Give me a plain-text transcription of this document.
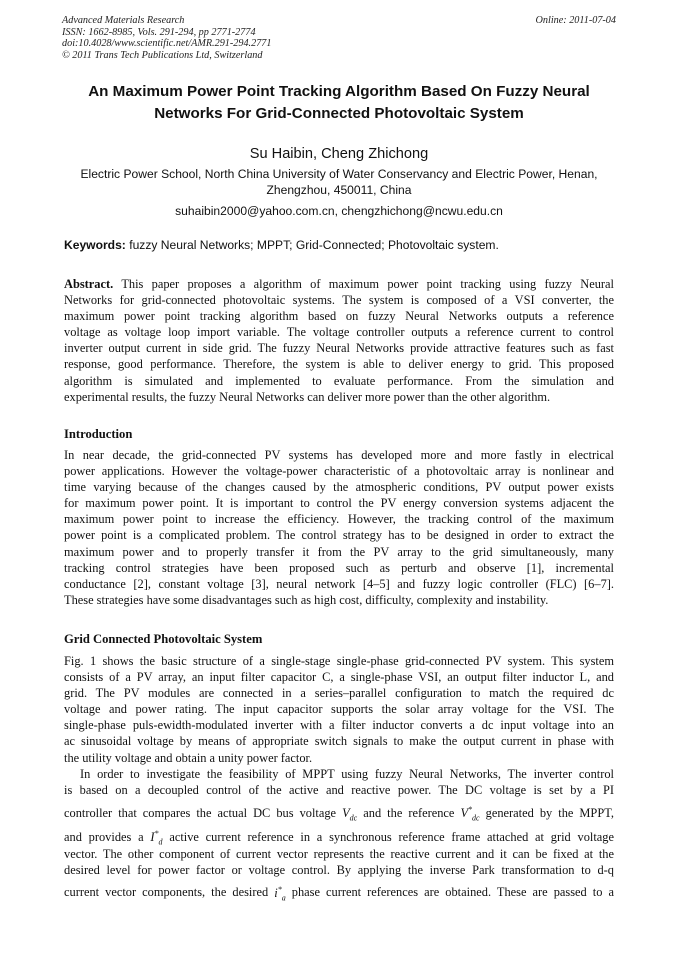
Advanced Materials Research
ISSN: 1662-8985, Vols. 291-294, pp 2771-2774
doi:10.4028/www.scientific.net/AMR.291-294.2771
© 2011 Trans Tech Publications Ltd, Switzerland
Online: 2011-07-04
An Maximum Power Point Tracking Algorithm Based On Fuzzy Neural
Networks For Grid-Connected Photovoltaic System
Su Haibin, Cheng Zhichong
Electric Power School, North China University of Water Conservancy and Electric Power, Henan,
Zhengzhou, 450011, China
suhaibin2000@yahoo.com.cn, chengzhichong@ncwu.edu.cn
Keywords: fuzzy Neural Networks; MPPT; Grid-Connected; Photovoltaic system.
Abstract. This paper proposes a algorithm of maximum power point tracking using fuzzy Neural
Networks for grid-connected photovoltaic systems. The system is composed of a VSI converter, the
maximum power point tracking algorithm based on fuzzy Neural Networks outputs a reference
voltage as voltage loop import variable. The voltage controller outputs a reference current to control
inverter output current in side grid. The fuzzy Neural Networks provide attractive features such as fast
response, good performance. Therefore, the system is able to deliver energy to grid. This proposed
algorithm is simulated and implemented to evaluate performance. From the simulation and
experimental results, the fuzzy Neural Networks can deliver more power than the other algorithm.
Introduction
In near decade, the grid-connected PV systems has developed more and more fastly in electrical
power applications. However the voltage-power characteristic of a photovoltaic array is nonlinear and
time varying because of the changes caused by the atmospheric conditions, PV output power exists
for maximum power point. It is important to control the PV energy conversion systems adjacent the
maximum power point to increase the efficiency. However, the tracking control of the maximum
power point is a complicated problem. The control strategy has to be designed in order to extract the
maximum power and to properly transfer it from the PV array to the grid simultaneously, many
tracking control strategies have been proposed such as perturb and observe [1], incremental
conductance [2], constant voltage [3], neural network [4–5] and fuzzy logic controller (FLC) [6–7].
These strategies have some disadvantages such as high cost, difficulty, complexity and instability.
Grid Connected Photovoltaic System
Fig. 1 shows the basic structure of a single-stage single-phase grid-connected PV system. This system
consists of a PV array, an input filter capacitor C, a single-phase VSI, an output filter inductor L, and
grid. The PV modules are connected in a series–parallel configuration to match the required dc
voltage and power rating. The input capacitor supports the solar array voltage for the VSI. The
single-phase puls-ewidth-modulated inverter with a filter inductor converts a dc input voltage into an
ac sinusoidal voltage by means of appropriate switch signals to make the output current in phase with
the utility voltage and obtain a unity power factor.
In order to investigate the feasibility of MPPT using fuzzy Neural Networks, The inverter control
is based on a decoupled control of the active and reactive power. The DC voltage is set by a PI
controller that compares the actual DC bus voltage $V_{dc}$ and the reference $V^*_{dc}$ generated by the MPPT,
and provides a $I^*_d$ active current reference in a synchronous reference frame attached at grid voltage
vector. The other component of current vector represents the reactive current and it can be fixed at the
desired level for power factor or voltage control. By applying the inverse Park transformation to d-q
current vector components, the desired $i^*_a$ phase current references are obtained. These are passed to a
